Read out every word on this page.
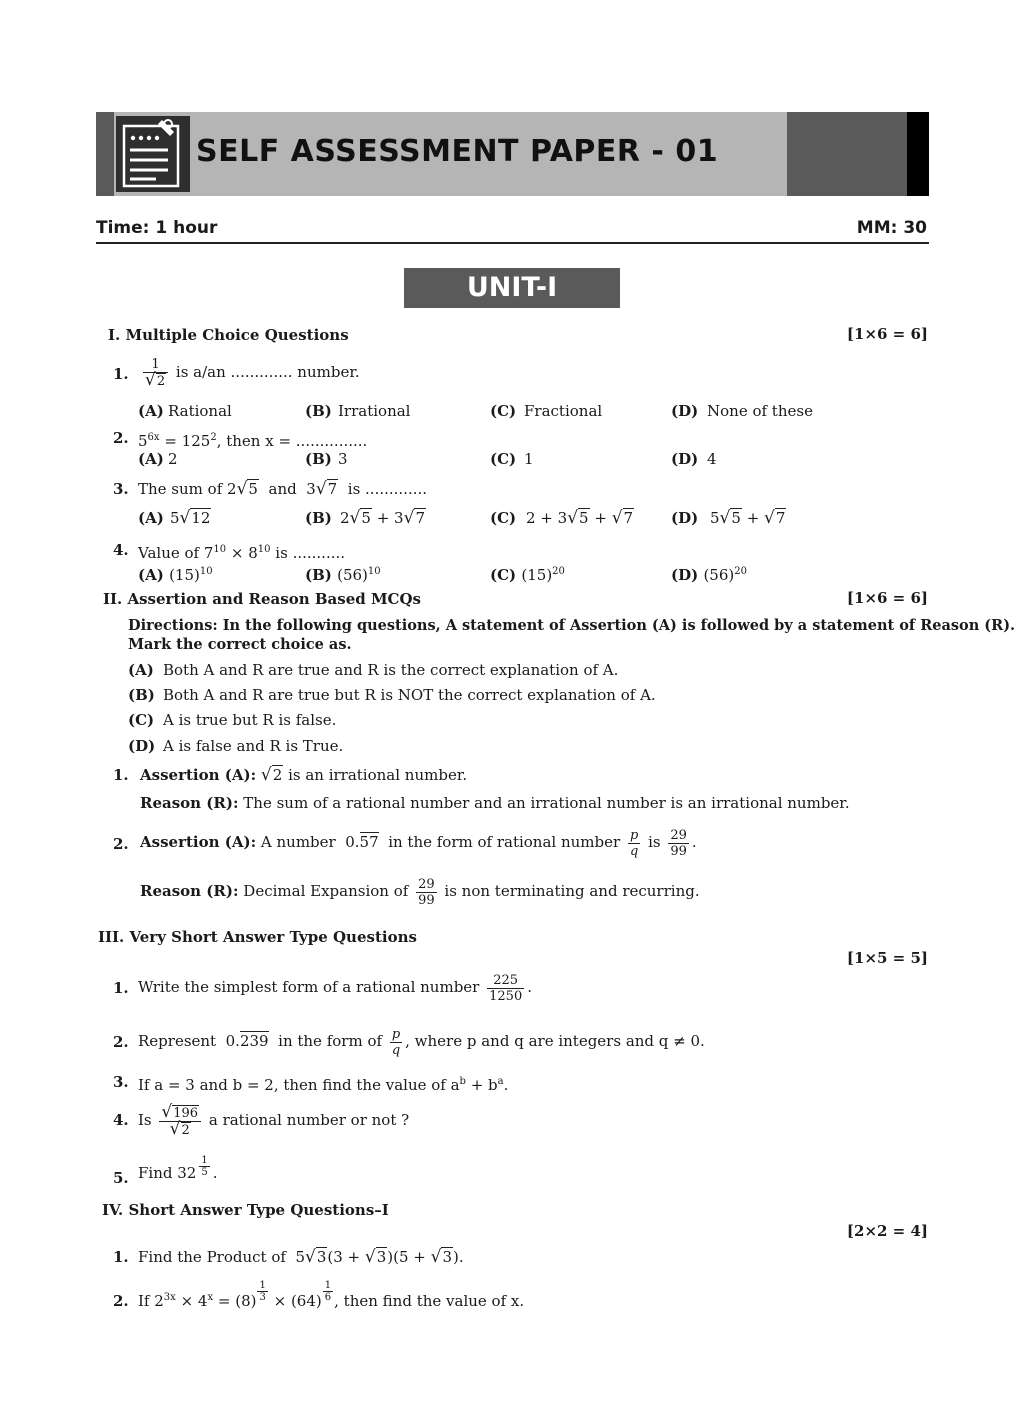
SELF ASSESSMENT PAPER - 01
Time: 1 hour	MM: 30
UNIT-I
I. Multiple Choice Questions	[1×6 = 6]
1. $\frac{1}{√2}$ is a/an ............. number.
(A) Rational	(B) Irrational	(C) Fractional	(D) None of these
2. $5^{6x} = 125^2$, then x = ...............
(A) 2	(B) 3	(C) 1	(D) 4
3. The sum of 2√5 and 3√7 is .............
(A) 5√12	(B) 2√5 + 3√7	(C) 2 + 3√5 + √7	(D) 5√5 + √7
4. Value of $7^{10} \times 8^{10}$ is ...........
(A) $(15)^{10}$	(B) $(56)^{10}$	(C) $(15)^{20}$	(D) $(56)^{20}$
II. Assertion and Reason Based MCQs	[1×6 = 6]
Directions: In the following questions, A statement of Assertion (A) is followed by a statement of Reason (R).
Mark the correct choice as.
(A) Both A and R are true and R is the correct explanation of A.
(B) Both A and R are true but R is NOT the correct explanation of A.
(C) A is true but R is false.
(D) A is false and R is True.
1. Assertion (A): √2 is an irrational number.
Reason (R): The sum of a rational number and an irrational number is an irrational number.
2. Assertion (A): A number 0.57 in the form of rational number $\frac{p}{q}$ is $\frac{29}{99}$ .
Reason (R): Decimal Expansion of $\frac{29}{99}$ is non terminating and recurring.
III. Very Short Answer Type Questions
[1×5 = 5]
1. Write the simplest form of a rational number $\frac{225}{1250}$ .
2. Represent 0.239 in the form of $\frac{p}{q}$ , where p and q are integers and q ≠ 0.
3. If a = 3 and b = 2, then find the value of $a^b + b^a$.
4. Is $\frac{√196}{√2}$ a rational number or not ?
5. Find $32 \frac{1}{5}$ .
IV. Short Answer Type Questions–I
[2×2 = 4]
1. Find the Product of 5√3(3 + √3)(5 + √3).
2. If $2^{3x} \times 4^x = (8) \frac{1}{3} \times (64) \frac{1}{6}$ , then find the value of x.
